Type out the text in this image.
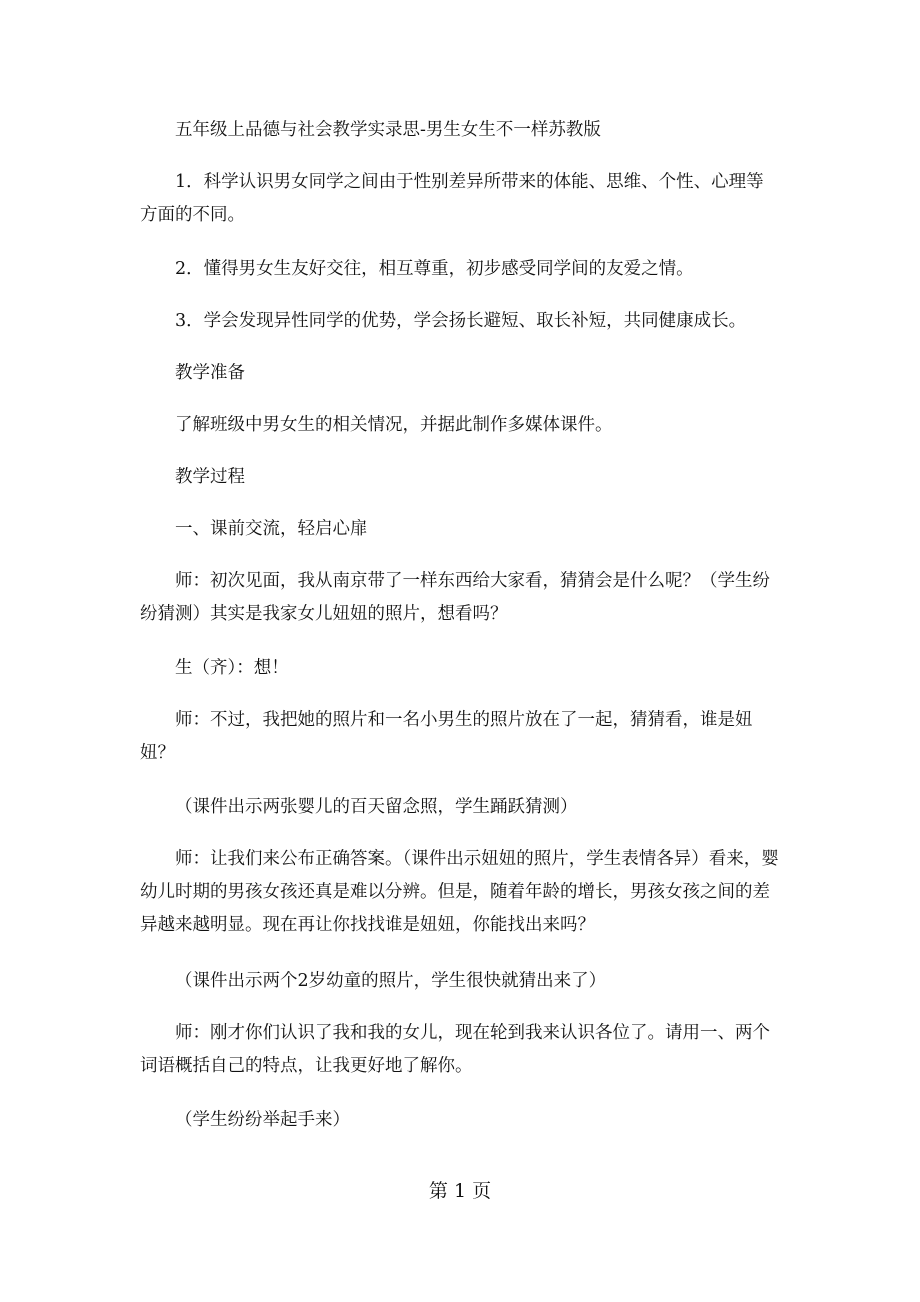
五年级上品德与社会教学实录思-男生女生不一样苏教版
1．科学认识男女同学之间由于性别差异所带来的体能、思维、个性、心理等方面的不同。
2．懂得男女生友好交往，相互尊重，初步感受同学间的友爱之情。
3．学会发现异性同学的优势，学会扬长避短、取长补短，共同健康成长。
教学准备
了解班级中男女生的相关情况，并据此制作多媒体课件。
教学过程
一、课前交流，轻启心扉
师：初次见面，我从南京带了一样东西给大家看，猜猜会是什么呢？（学生纷纷猜测）其实是我家女儿妞妞的照片，想看吗？
生（齐）：想！
师：不过，我把她的照片和一名小男生的照片放在了一起，猜猜看，谁是妞妞？
（课件出示两张婴儿的百天留念照，学生踊跃猜测）
师：让我们来公布正确答案。（课件出示妞妞的照片，学生表情各异）看来，婴幼儿时期的男孩女孩还真是难以分辨。但是，随着年龄的增长，男孩女孩之间的差异越来越明显。现在再让你找找谁是妞妞，你能找出来吗？
（课件出示两个2岁幼童的照片，学生很快就猜出来了）
师：刚才你们认识了我和我的女儿，现在轮到我来认识各位了。请用一、两个词语概括自己的特点，让我更好地了解你。
（学生纷纷举起手来）
第 1 页
